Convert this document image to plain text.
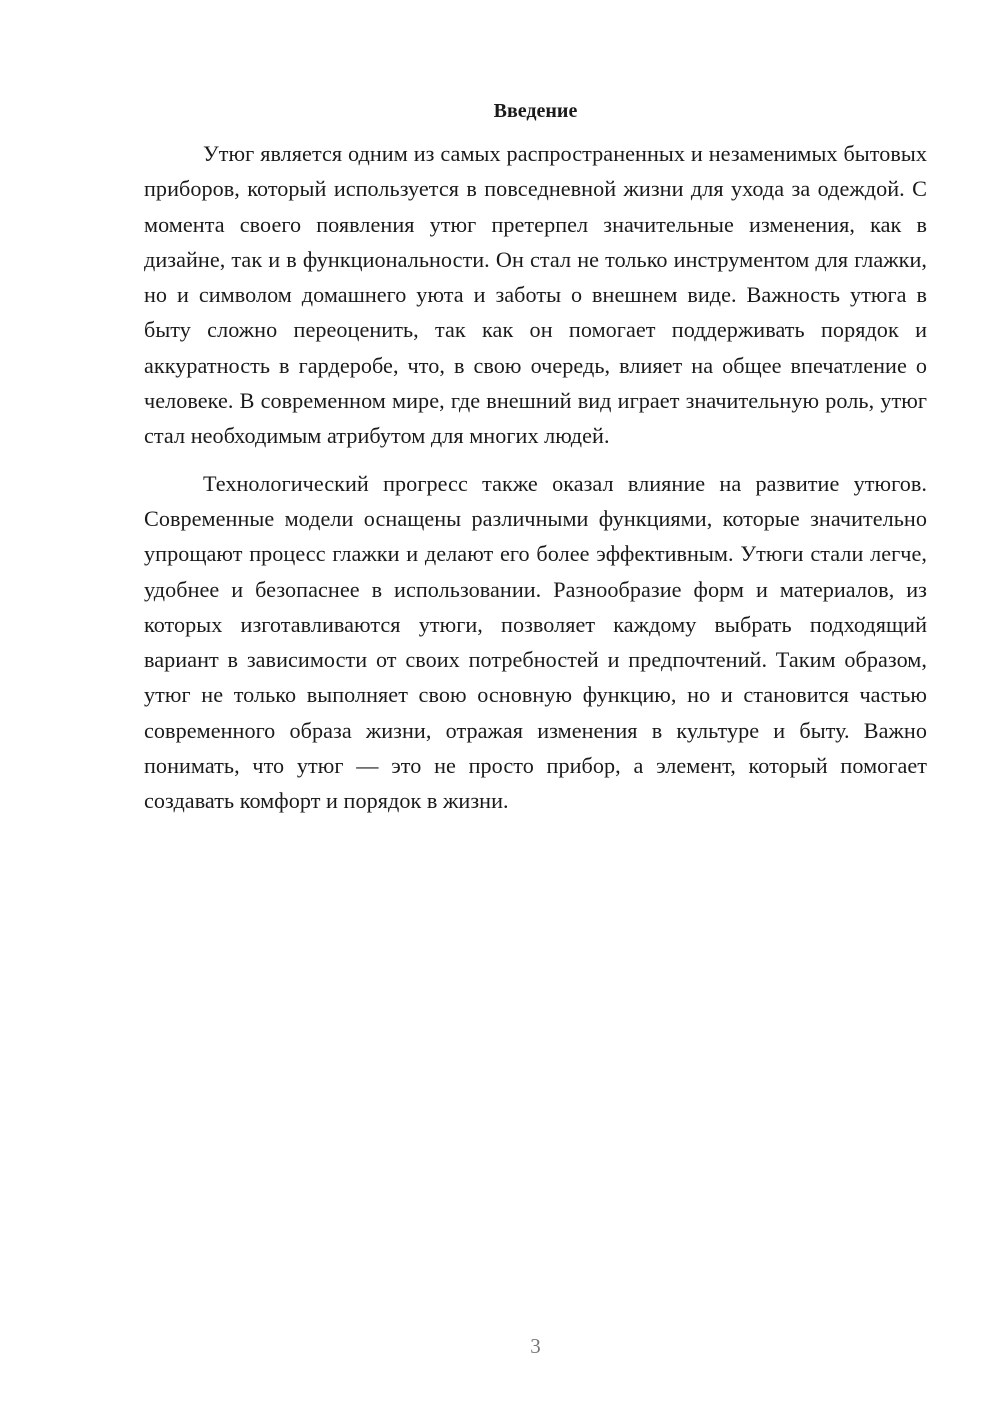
Введение

Утюг является одним из самых распространенных и незаменимых бытовых приборов, который используется в повседневной жизни для ухода за одеждой. С момента своего появления утюг претерпел значительные изменения, как в дизайне, так и в функциональности. Он стал не только инструментом для глажки, но и символом домашнего уюта и заботы о внешнем виде. Важность утюга в быту сложно переоценить, так как он помогает поддерживать порядок и аккуратность в гардеробе, что, в свою очередь, влияет на общее впечатление о человеке. В современном мире, где внешний вид играет значительную роль, утюг стал необходимым атрибутом для многих людей.

Технологический прогресс также оказал влияние на развитие утюгов. Современные модели оснащены различными функциями, которые значительно упрощают процесс глажки и делают его более эффективным. Утюги стали легче, удобнее и безопаснее в использовании. Разнообразие форм и материалов, из которых изготавливаются утюги, позволяет каждому выбрать подходящий вариант в зависимости от своих потребностей и предпочтений. Таким образом, утюг не только выполняет свою основную функцию, но и становится частью современного образа жизни, отражая изменения в культуре и быту. Важно понимать, что утюг — это не просто прибор, а элемент, который помогает создавать комфорт и порядок в жизни.

3
